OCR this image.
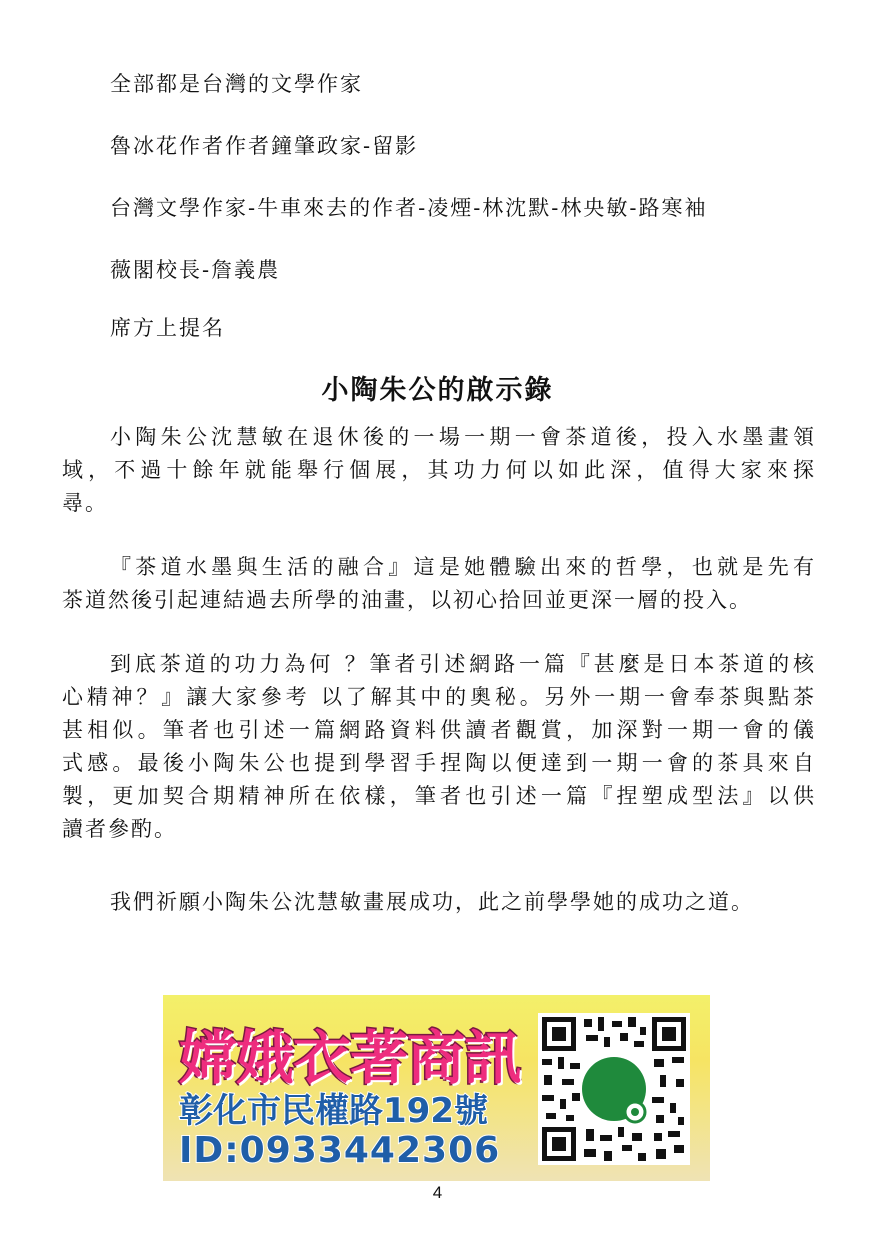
全部都是台灣的文學作家
魯冰花作者作者鐘肇政家-留影
台灣文學作家-牛車來去的作者-凌煙-林沈默-林央敏-路寒袖
薇閣校長-詹義農
席方上提名
小陶朱公的啟示錄
小陶朱公沈慧敏在退休後的一場一期一會茶道後，投入水墨畫領
域，不過十餘年就能舉行個展，其功力何以如此深，值得大家來探
尋。
『茶道水墨與生活的融合』這是她體驗出來的哲學，也就是先有
茶道然後引起連結過去所學的油畫，以初心拾回並更深一層的投入。
到底茶道的功力為何 ？筆者引述網路一篇『甚麼是日本茶道的核
心精神？』讓大家參考 以了解其中的奧秘。另外一期一會奉茶與點茶
甚相似。筆者也引述一篇網路資料供讀者觀賞，加深對一期一會的儀
式感。最後小陶朱公也提到學習手捏陶以便達到一期一會的茶具來自
製，更加契合期精神所在依樣，筆者也引述一篇『捏塑成型法』以供
讀者參酌。
我們祈願小陶朱公沈慧敏畫展成功，此之前學學她的成功之道。
嫦娥衣著商訊
彰化市民權路192號
ID:0933442306
4
